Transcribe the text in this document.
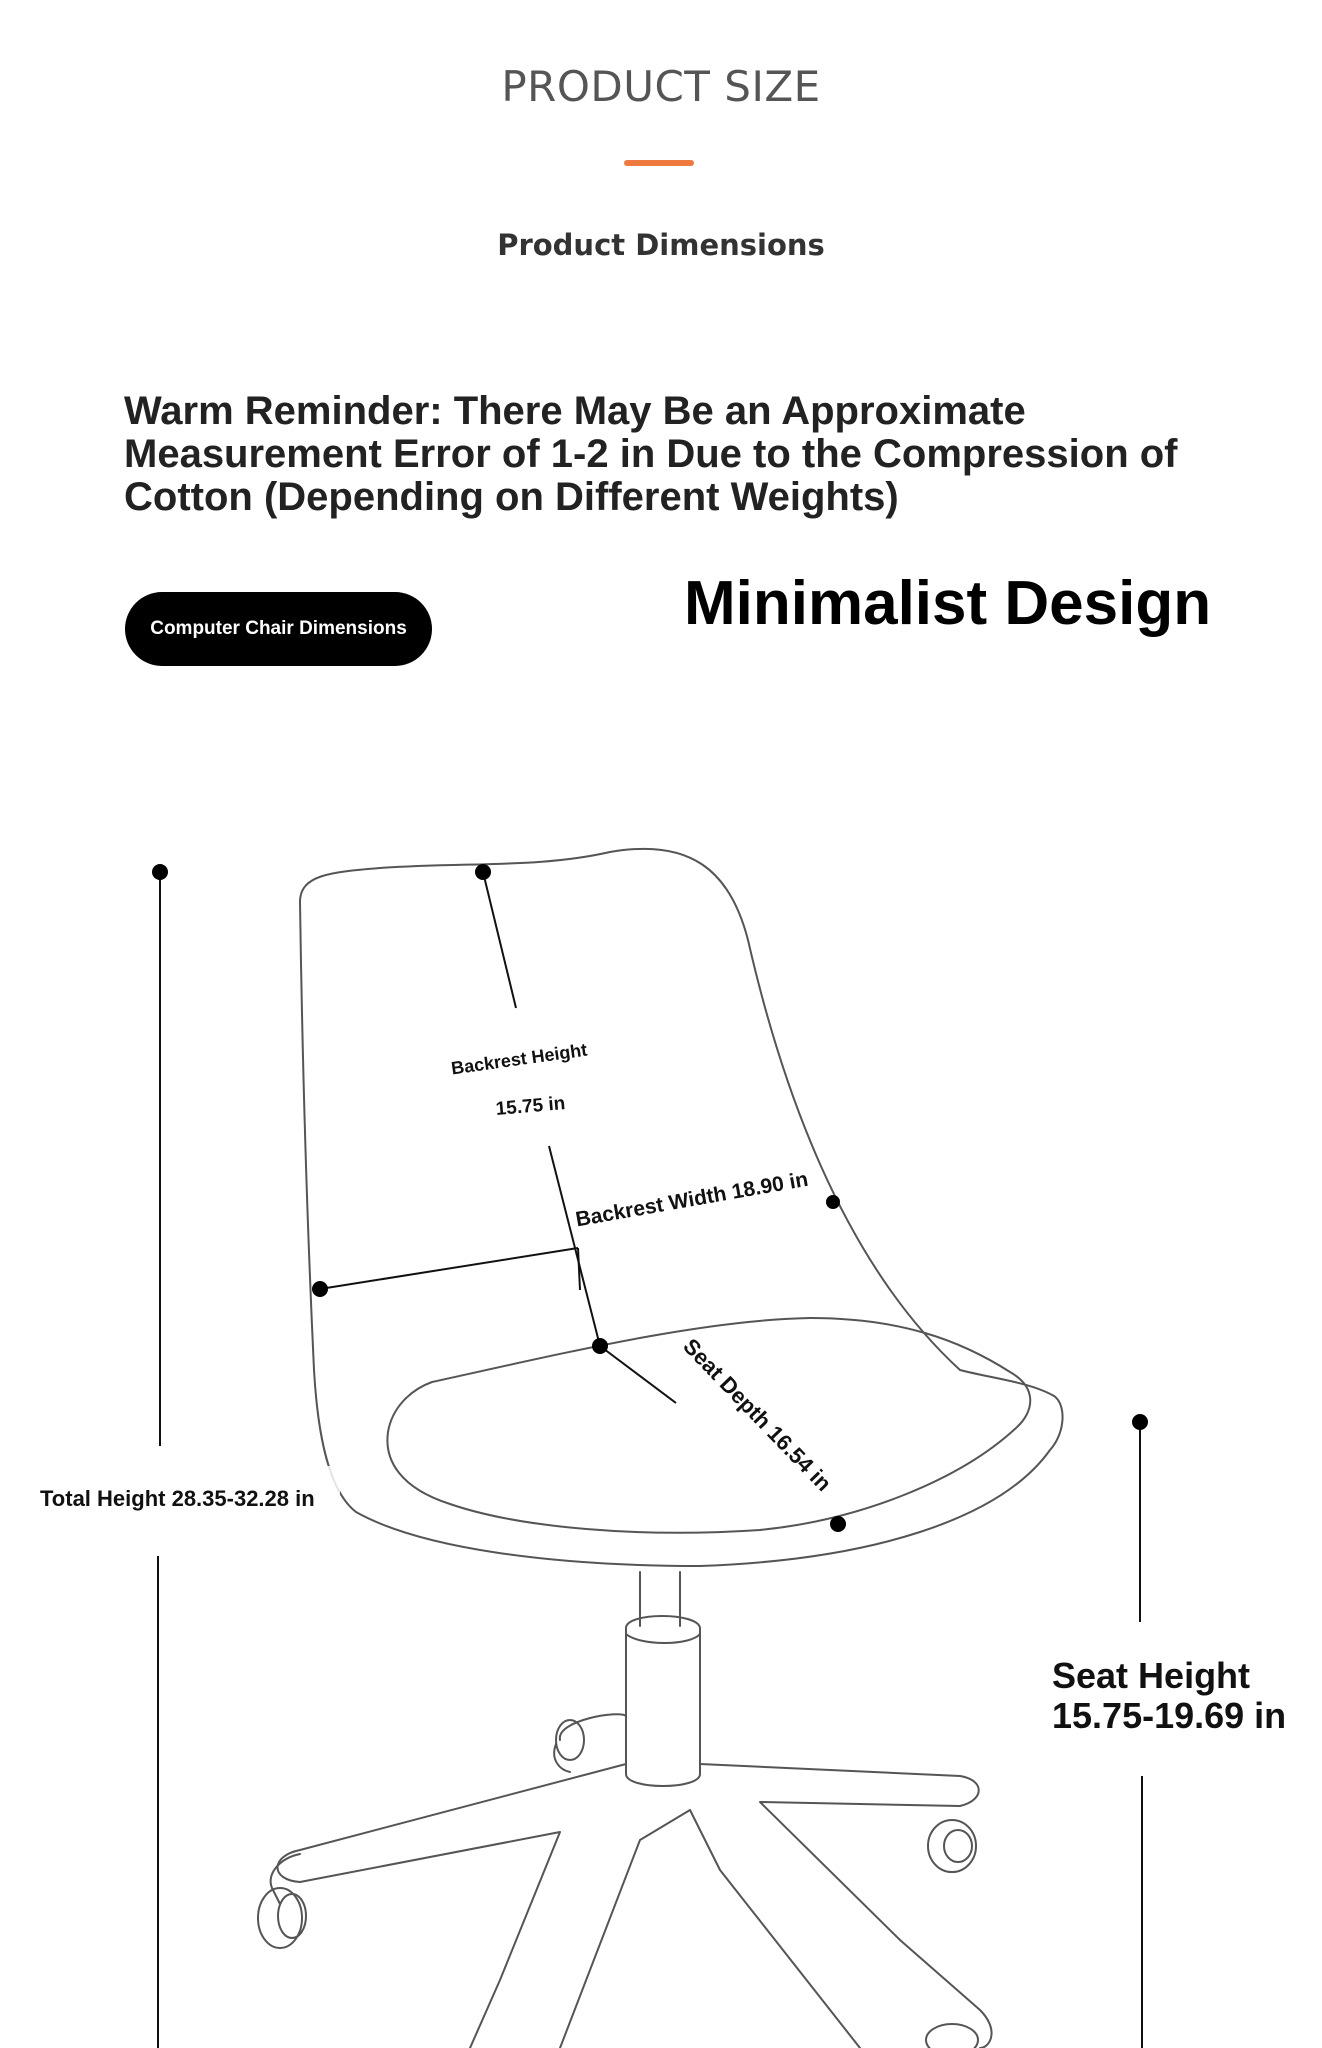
PRODUCT SIZE
Product Dimensions

Warm Reminder: There May Be an Approximate Measurement Error of 1-2 in Due to the Compression of Cotton (Depending on Different Weights)

Computer Chair Dimensions	Minimalist Design
Backrest Height
15.75 in
Backrest Width 18.90 in
Seat Depth 16.54 in
Total Height 28.35-32.28 in
Seat Height
15.75-19.69 in
